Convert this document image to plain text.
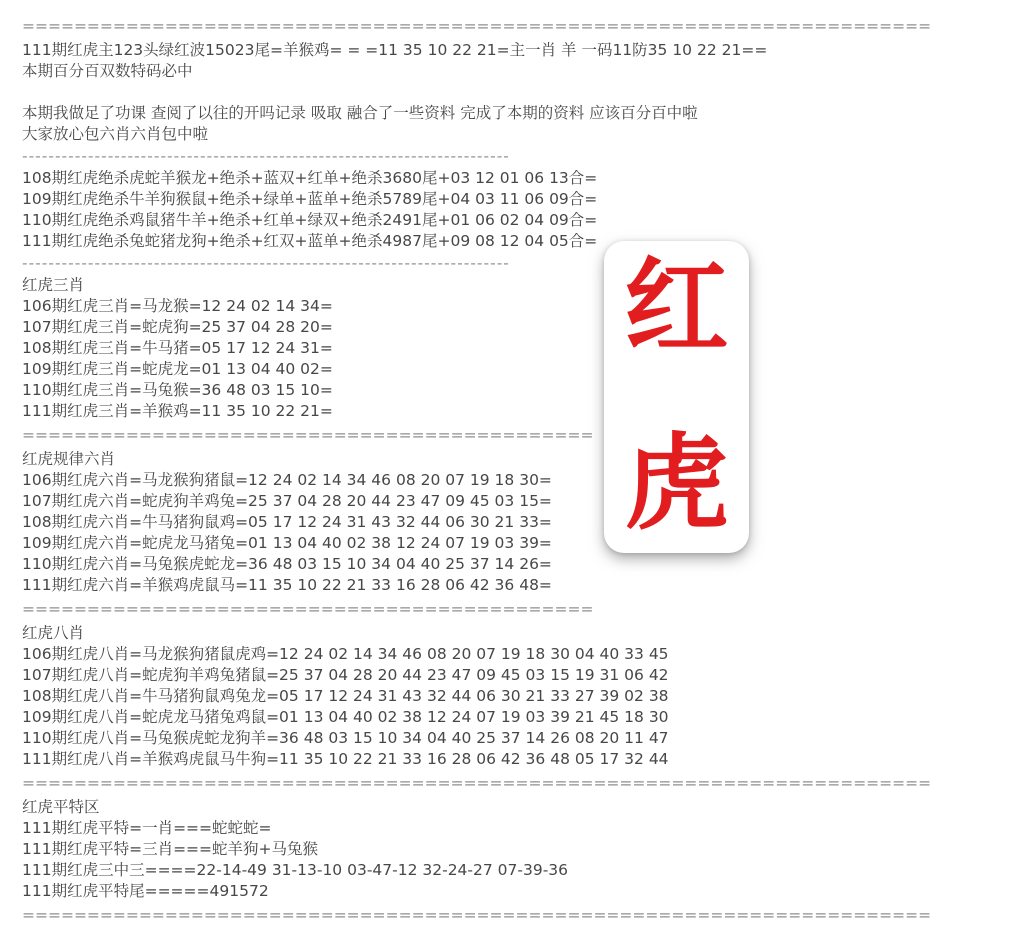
======================================================================
111期红虎主123头绿红波15023尾=羊猴鸡= = =11 35 10 22 21=主一肖 羊 一码11防35 10 22 21==
本期百分百双数特码必中
本期我做足了功课 查阅了以往的开吗记录 吸取 融合了一些资料 完成了本期的资料 应该百分百中啦
大家放心包六肖六肖包中啦
--------------------------------------------------------------------------
108期红虎绝杀虎蛇羊猴龙+绝杀+蓝双+红单+绝杀3680尾+03 12 01 06 13合=
109期红虎绝杀牛羊狗猴鼠+绝杀+绿单+蓝单+绝杀5789尾+04 03 11 06 09合=
110期红虎绝杀鸡鼠猪牛羊+绝杀+红单+绿双+绝杀2491尾+01 06 02 04 09合=
111期红虎绝杀兔蛇猪龙狗+绝杀+红双+蓝单+绝杀4987尾+09 08 12 04 05合=
--------------------------------------------------------------------------
红虎三肖
106期红虎三肖=马龙猴=12 24 02 14 34=
107期红虎三肖=蛇虎狗=25 37 04 28 20=
108期红虎三肖=牛马猪=05 17 12 24 31=
109期红虎三肖=蛇虎龙=01 13 04 40 02=
110期红虎三肖=马兔猴=36 48 03 15 10=
111期红虎三肖=羊猴鸡=11 35 10 22 21=
============================================
红虎规律六肖
106期红虎六肖=马龙猴狗猪鼠=12 24 02 14 34 46 08 20 07 19 18 30=
107期红虎六肖=蛇虎狗羊鸡兔=25 37 04 28 20 44 23 47 09 45 03 15=
108期红虎六肖=牛马猪狗鼠鸡=05 17 12 24 31 43 32 44 06 30 21 33=
109期红虎六肖=蛇虎龙马猪兔=01 13 04 40 02 38 12 24 07 19 03 39=
110期红虎六肖=马兔猴虎蛇龙=36 48 03 15 10 34 04 40 25 37 14 26=
111期红虎六肖=羊猴鸡虎鼠马=11 35 10 22 21 33 16 28 06 42 36 48=
============================================
红虎八肖
106期红虎八肖=马龙猴狗猪鼠虎鸡=12 24 02 14 34 46 08 20 07 19 18 30 04 40 33 45
107期红虎八肖=蛇虎狗羊鸡兔猪鼠=25 37 04 28 20 44 23 47 09 45 03 15 19 31 06 42
108期红虎八肖=牛马猪狗鼠鸡兔龙=05 17 12 24 31 43 32 44 06 30 21 33 27 39 02 38
109期红虎八肖=蛇虎龙马猪兔鸡鼠=01 13 04 40 02 38 12 24 07 19 03 39 21 45 18 30
110期红虎八肖=马兔猴虎蛇龙狗羊=36 48 03 15 10 34 04 40 25 37 14 26 08 20 11 47
111期红虎八肖=羊猴鸡虎鼠马牛狗=11 35 10 22 21 33 16 28 06 42 36 48 05 17 32 44
======================================================================
红虎平特区
111期红虎平特=一肖===蛇蛇蛇=
111期红虎平特=三肖===蛇羊狗+马兔猴
111期红虎三中三====22-14-49 31-13-10 03-47-12 32-24-27 07-39-36
111期红虎平特尾=====491572
======================================================================
红
虎
